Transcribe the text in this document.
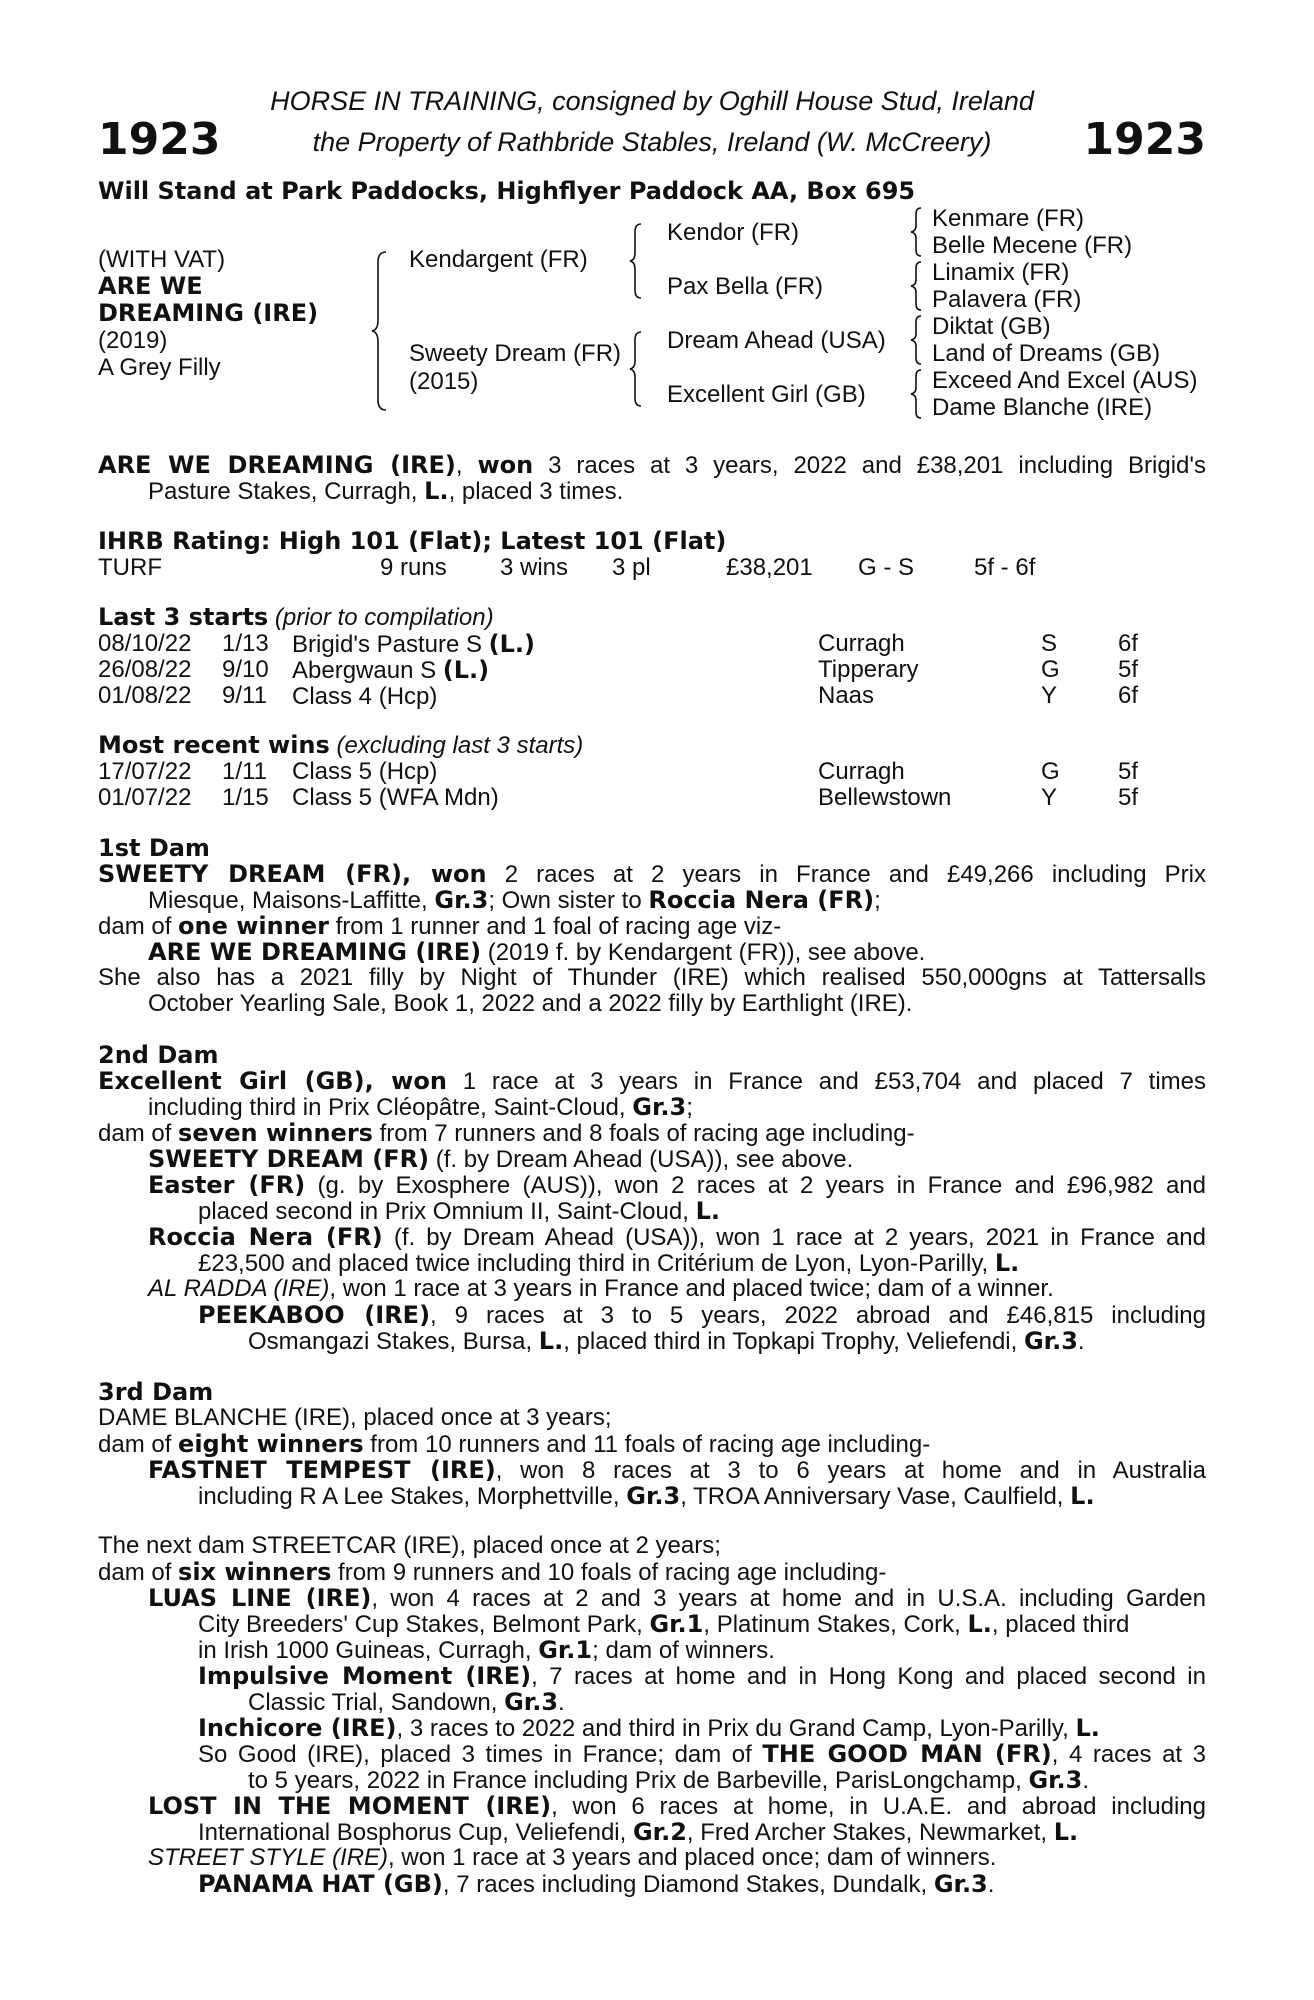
1923	1923
HORSE IN TRAINING, consigned by Oghill House Stud, Ireland
the Property of Rathbride Stables, Ireland (W. McCreery)
Will Stand at Park Paddocks, Highflyer Paddock AA, Box 695
(WITH VAT)
ARE WE
DREAMING (IRE)
(2019)
A Grey Filly
Kendargent (FR)
Sweety Dream (FR)
(2015)
Kendor (FR)
Pax Bella (FR)
Dream Ahead (USA)
Excellent Girl (GB)
Kenmare (FR)
Belle Mecene (FR)
Linamix (FR)
Palavera (FR)
Diktat (GB)
Land of Dreams (GB)
Exceed And Excel (AUS)
Dame Blanche (IRE)
ARE WE DREAMING (IRE), won 3 races at 3 years, 2022 and £38,201 including Brigid's
Pasture Stakes, Curragh, L., placed 3 times.
IHRB Rating: High 101 (Flat); Latest 101 (Flat)
TURF	9 runs 3 wins 3 pl	£38,201 G - S 5f - 6f
Last 3 starts (prior to compilation)
08/10/22 1/13 Brigid's Pasture S (L.)	Curragh	S	6f
26/08/22 9/10 Abergwaun S (L.)	Tipperary	G 5f
01/08/22 9/11 Class 4 (Hcp)	Naas	Y	6f
Most recent wins (excluding last 3 starts)
17/07/22 1/11 Class 5 (Hcp)	Curragh	G 5f
01/07/22 1/15 Class 5 (WFA Mdn)	Bellewstown	Y	5f
1st Dam
SWEETY DREAM (FR), won 2 races at 2 years in France and £49,266 including Prix
Miesque, Maisons-Laffitte, Gr.3; Own sister to Roccia Nera (FR);
dam of one winner from 1 runner and 1 foal of racing age viz-
ARE WE DREAMING (IRE) (2019 f. by Kendargent (FR)), see above.
She also has a 2021 filly by Night of Thunder (IRE) which realised 550,000gns at Tattersalls
October Yearling Sale, Book 1, 2022 and a 2022 filly by Earthlight (IRE).
2nd Dam
Excellent Girl (GB), won 1 race at 3 years in France and £53,704 and placed 7 times
including third in Prix Cléopâtre, Saint-Cloud, Gr.3;
dam of seven winners from 7 runners and 8 foals of racing age including-
SWEETY DREAM (FR) (f. by Dream Ahead (USA)), see above.
Easter (FR) (g. by Exosphere (AUS)), won 2 races at 2 years in France and £96,982 and
placed second in Prix Omnium II, Saint-Cloud, L.
Roccia Nera (FR) (f. by Dream Ahead (USA)), won 1 race at 2 years, 2021 in France and
£23,500 and placed twice including third in Critérium de Lyon, Lyon-Parilly, L.
AL RADDA (IRE), won 1 race at 3 years in France and placed twice; dam of a winner.
PEEKABOO (IRE), 9 races at 3 to 5 years, 2022 abroad and £46,815 including
Osmangazi Stakes, Bursa, L., placed third in Topkapi Trophy, Veliefendi, Gr.3.
3rd Dam
DAME BLANCHE (IRE), placed once at 3 years;
dam of eight winners from 10 runners and 11 foals of racing age including-
FASTNET TEMPEST (IRE), won 8 races at 3 to 6 years at home and in Australia
including R A Lee Stakes, Morphettville, Gr.3, TROA Anniversary Vase, Caulfield, L.
The next dam STREETCAR (IRE), placed once at 2 years;
dam of six winners from 9 runners and 10 foals of racing age including-
LUAS LINE (IRE), won 4 races at 2 and 3 years at home and in U.S.A. including Garden
City Breeders' Cup Stakes, Belmont Park, Gr.1, Platinum Stakes, Cork, L., placed third
in Irish 1000 Guineas, Curragh, Gr.1; dam of winners.
Impulsive Moment (IRE), 7 races at home and in Hong Kong and placed second in
Classic Trial, Sandown, Gr.3.
Inchicore (IRE), 3 races to 2022 and third in Prix du Grand Camp, Lyon-Parilly, L.
So Good (IRE), placed 3 times in France; dam of THE GOOD MAN (FR), 4 races at 3
to 5 years, 2022 in France including Prix de Barbeville, ParisLongchamp, Gr.3.
LOST IN THE MOMENT (IRE), won 6 races at home, in U.A.E. and abroad including
International Bosphorus Cup, Veliefendi, Gr.2, Fred Archer Stakes, Newmarket, L.
STREET STYLE (IRE), won 1 race at 3 years and placed once; dam of winners.
PANAMA HAT (GB), 7 races including Diamond Stakes, Dundalk, Gr.3.
